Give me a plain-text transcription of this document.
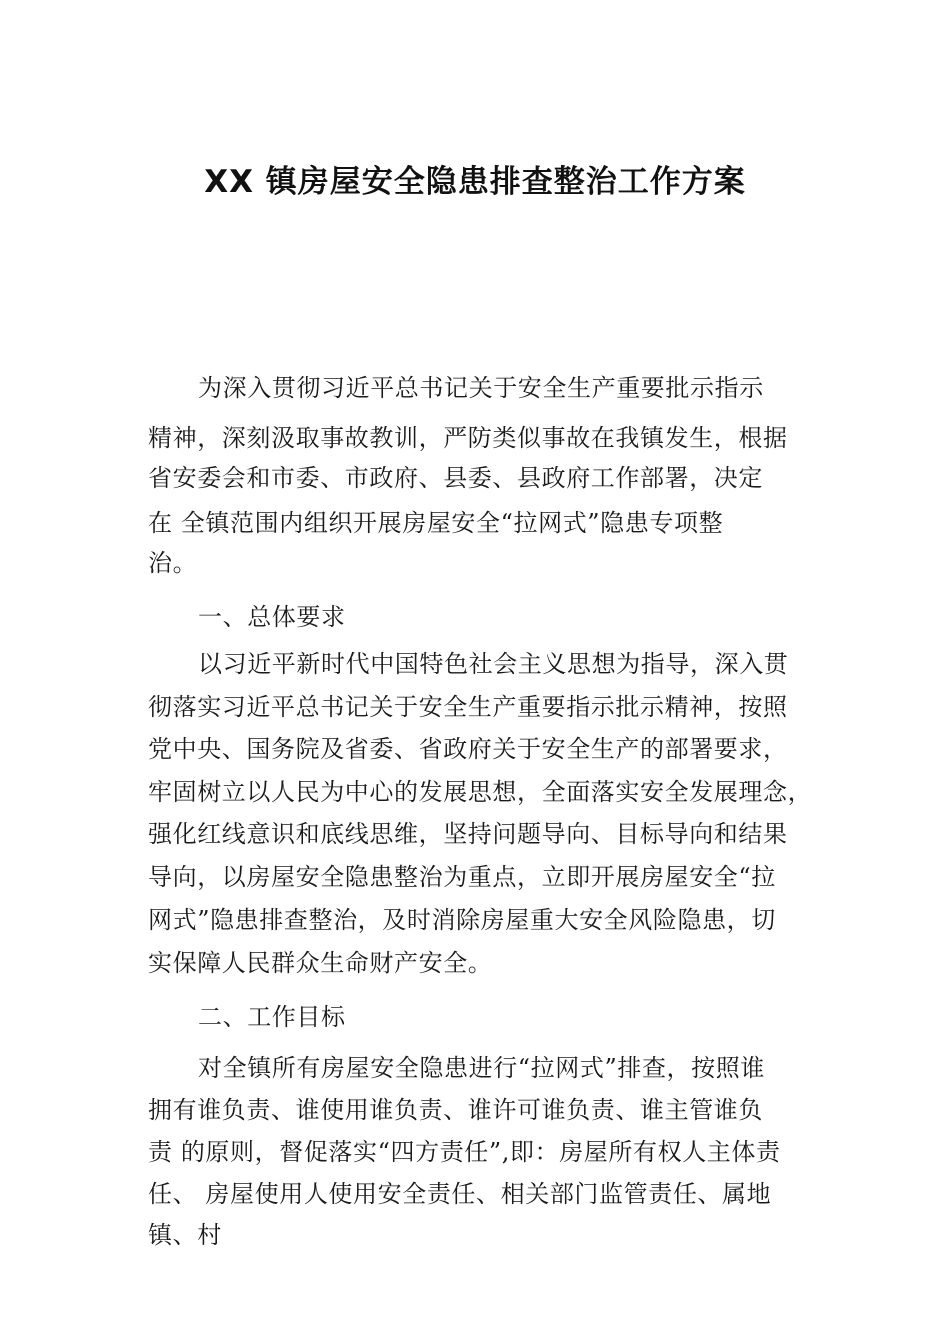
XX 镇房屋安全隐患排查整治工作方案
为深入贯彻习近平总书记关于安全生产重要批示指示
精神，深刻汲取事故教训，严防类似事故在我镇发生，根据
省安委会和市委、市政府、县委、县政府工作部署，决定
在 全镇范围内组织开展房屋安全“拉网式”隐患专项整
治。
一、总体要求
以习近平新时代中国特色社会主义思想为指导，深入贯
彻落实习近平总书记关于安全生产重要指示批示精神，按照
党中央、国务院及省委、省政府关于安全生产的部署要求，
牢固树立以人民为中心的发展思想，全面落实安全发展理念，
强化红线意识和底线思维，坚持问题导向、目标导向和结果
导向，以房屋安全隐患整治为重点，立即开展房屋安全“拉
网式”隐患排查整治，及时消除房屋重大安全风险隐患，切
实保障人民群众生命财产安全。
二、工作目标
对全镇所有房屋安全隐患进行“拉网式”排查，按照谁
拥有谁负责、谁使用谁负责、谁许可谁负责、谁主管谁负
责 的原则，督促落实“四方责任”,即：房屋所有权人主体责
任、 房屋使用人使用安全责任、相关部门监管责任、属地
镇、村
